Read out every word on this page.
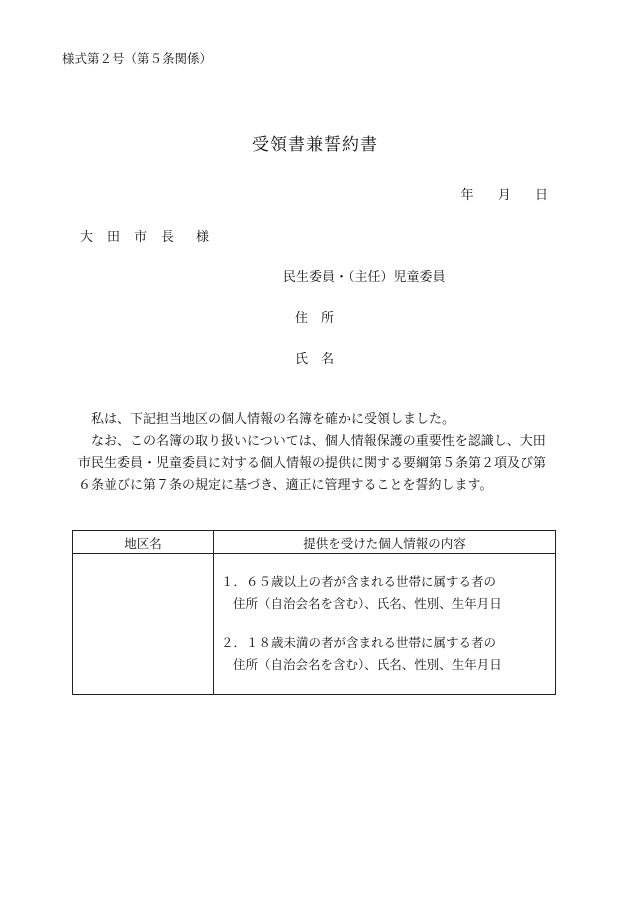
様式第２号（第５条関係）
受領書兼誓約書
年 月 日
大田市長 様
民生委員・（主任）児童委員
住 所
氏 名

私は、下記担当地区の個人情報の名簿を確かに受領しました。

なお、この名簿の取り扱いについては、個人情報保護の重要性を認識し、大田市民生委員・児童委員に対する個人情報の提供に関する要綱第５条第２項及び第６条並びに第７条の規定に基づき、適正に管理することを誓約します。

地区名	提供を受けた個人情報の内容
１．６５歳以上の者が含まれる世帯に属する者の
住所（自治会名を含む）、氏名、性別、生年月日
２．１８歳未満の者が含まれる世帯に属する者の
住所（自治会名を含む）、氏名、性別、生年月日
